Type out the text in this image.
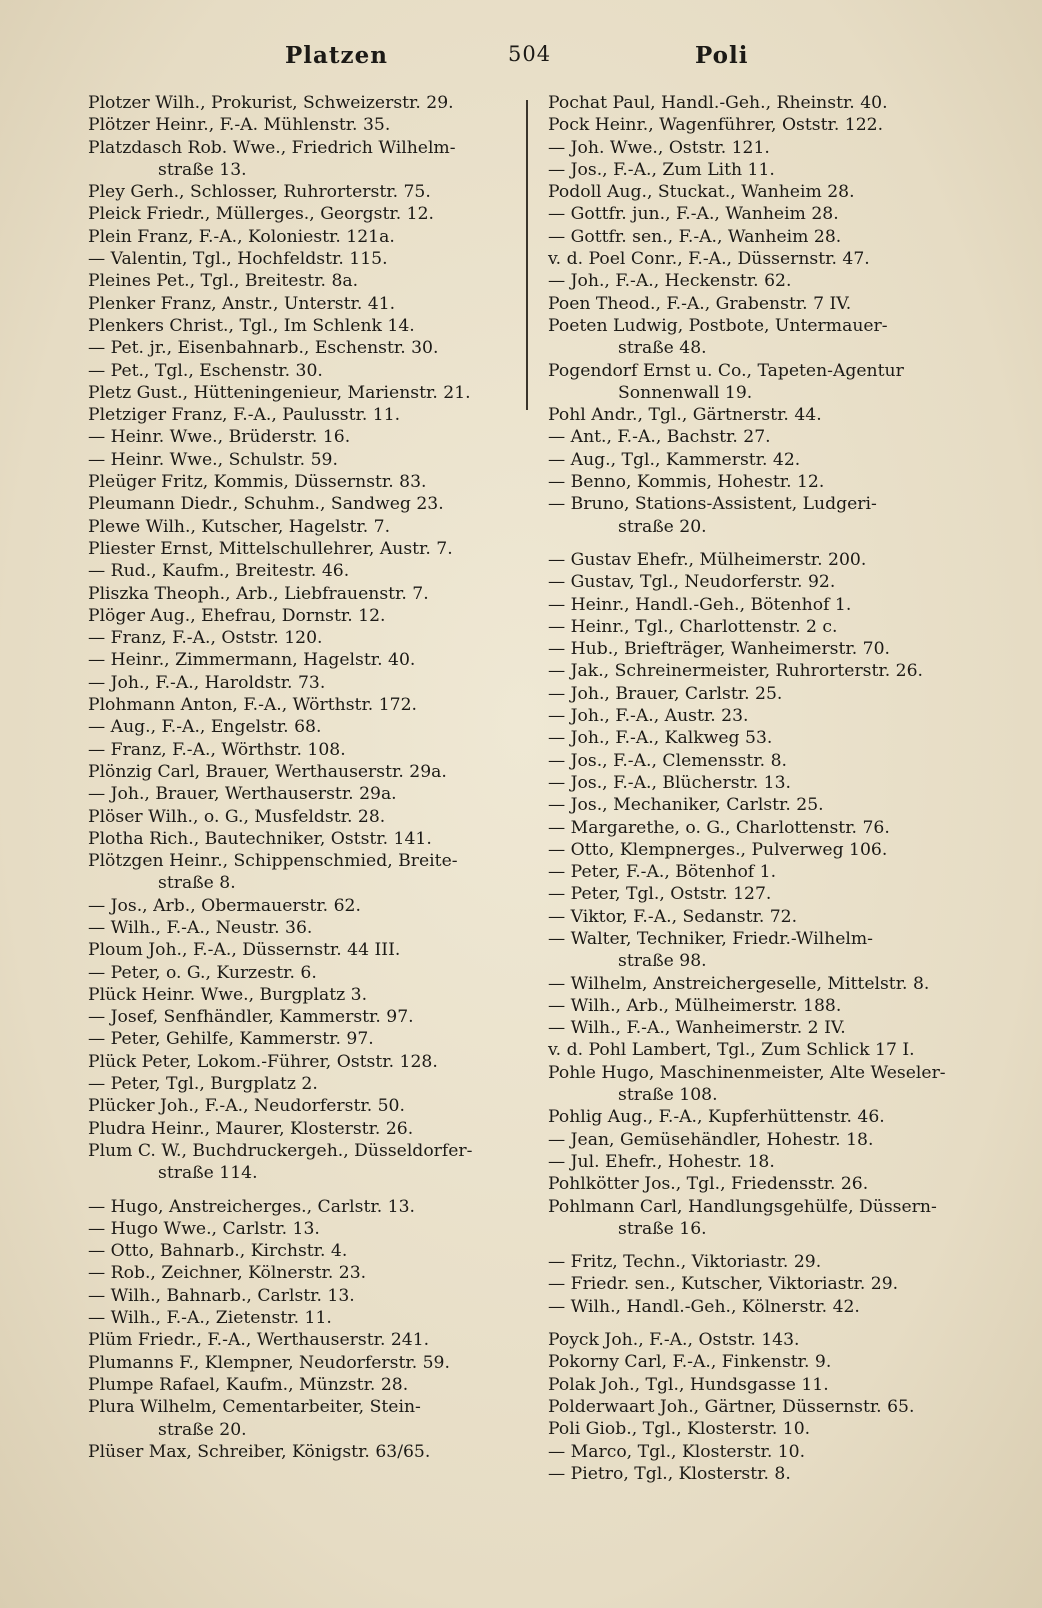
Platzen	504	Poli
Plotzer Wilh., Prokurist, Schweizerstr. 29.
Plötzer Heinr., F.-A. Mühlenstr. 35.
Platzdasch Rob. Wwe., Friedrich Wilhelm-
straße 13.
Pley Gerh., Schlosser, Ruhrorterstr. 75.
Pleick Friedr., Müllerges., Georgstr. 12.
Plein Franz, F.-A., Koloniestr. 121a.
— Valentin, Tgl., Hochfeldstr. 115.
Pleines Pet., Tgl., Breitestr. 8a.
Plenker Franz, Anstr., Unterstr. 41.
Plenkers Christ., Tgl., Im Schlenk 14.
— Pet. jr., Eisenbahnarb., Eschenstr. 30.
— Pet., Tgl., Eschenstr. 30.
Pletz Gust., Hütteningenieur, Marienstr. 21.
Pletziger Franz, F.-A., Paulusstr. 11.
— Heinr. Wwe., Brüderstr. 16.
— Heinr. Wwe., Schulstr. 59.
Pleüger Fritz, Kommis, Düssernstr. 83.
Pleumann Diedr., Schuhm., Sandweg 23.
Plewe Wilh., Kutscher, Hagelstr. 7.
Pliester Ernst, Mittelschullehrer, Austr. 7.
— Rud., Kaufm., Breitestr. 46.
Pliszka Theoph., Arb., Liebfrauenstr. 7.
Plöger Aug., Ehefrau, Dornstr. 12.
— Franz, F.-A., Oststr. 120.
— Heinr., Zimmermann, Hagelstr. 40.
— Joh., F.-A., Haroldstr. 73.
Plohmann Anton, F.-A., Wörthstr. 172.
— Aug., F.-A., Engelstr. 68.
— Franz, F.-A., Wörthstr. 108.
Plönzig Carl, Brauer, Werthauserstr. 29a.
— Joh., Brauer, Werthauserstr. 29a.
Plöser Wilh., o. G., Musfeldstr. 28.
Plotha Rich., Bautechniker, Oststr. 141.
Plötzgen Heinr., Schippenschmied, Breite-
straße 8.
— Jos., Arb., Obermauerstr. 62.
— Wilh., F.-A., Neustr. 36.
Ploum Joh., F.-A., Düssernstr. 44 III.
— Peter, o. G., Kurzestr. 6.
Plück Heinr. Wwe., Burgplatz 3.
— Josef, Senfhändler, Kammerstr. 97.
— Peter, Gehilfe, Kammerstr. 97.
Plück Peter, Lokom.-Führer, Oststr. 128.
— Peter, Tgl., Burgplatz 2.
Plücker Joh., F.-A., Neudorferstr. 50.
Pludra Heinr., Maurer, Klosterstr. 26.
Plum C. W., Buchdruckergeh., Düsseldorfer-
straße 114.
— Hugo, Anstreicherges., Carlstr. 13.
— Hugo Wwe., Carlstr. 13.
— Otto, Bahnarb., Kirchstr. 4.
— Rob., Zeichner, Kölnerstr. 23.
— Wilh., Bahnarb., Carlstr. 13.
— Wilh., F.-A., Zietenstr. 11.
Plüm Friedr., F.-A., Werthauserstr. 241.
Plumanns F., Klempner, Neudorferstr. 59.
Plumpe Rafael, Kaufm., Münzstr. 28.
Plura Wilhelm, Cementarbeiter, Stein-
straße 20.
Plüser Max, Schreiber, Königstr. 63/65.
Pochat Paul, Handl.-Geh., Rheinstr. 40.
Pock Heinr., Wagenführer, Oststr. 122.
— Joh. Wwe., Oststr. 121.
— Jos., F.-A., Zum Lith 11.
Podoll Aug., Stuckat., Wanheim 28.
— Gottfr. jun., F.-A., Wanheim 28.
— Gottfr. sen., F.-A., Wanheim 28.
v. d. Poel Conr., F.-A., Düssernstr. 47.
— Joh., F.-A., Heckenstr. 62.
Poen Theod., F.-A., Grabenstr. 7 IV.
Poeten Ludwig, Postbote, Untermauer-
straße 48.
Pogendorf Ernst u. Co., Tapeten-Agentur
Sonnenwall 19.
Pohl Andr., Tgl., Gärtnerstr. 44.
— Ant., F.-A., Bachstr. 27.
— Aug., Tgl., Kammerstr. 42.
— Benno, Kommis, Hohestr. 12.
— Bruno, Stations-Assistent, Ludgeri-
straße 20.
— Gustav Ehefr., Mülheimerstr. 200.
— Gustav, Tgl., Neudorferstr. 92.
— Heinr., Handl.-Geh., Bötenhof 1.
— Heinr., Tgl., Charlottenstr. 2 c.
— Hub., Briefträger, Wanheimerstr. 70.
— Jak., Schreinermeister, Ruhrorterstr. 26.
— Joh., Brauer, Carlstr. 25.
— Joh., F.-A., Austr. 23.
— Joh., F.-A., Kalkweg 53.
— Jos., F.-A., Clemensstr. 8.
— Jos., F.-A., Blücherstr. 13.
— Jos., Mechaniker, Carlstr. 25.
— Margarethe, o. G., Charlottenstr. 76.
— Otto, Klempnerges., Pulverweg 106.
— Peter, F.-A., Bötenhof 1.
— Peter, Tgl., Oststr. 127.
— Viktor, F.-A., Sedanstr. 72.
— Walter, Techniker, Friedr.-Wilhelm-
straße 98.
— Wilhelm, Anstreichergeselle, Mittelstr. 8.
— Wilh., Arb., Mülheimerstr. 188.
— Wilh., F.-A., Wanheimerstr. 2 IV.
v. d. Pohl Lambert, Tgl., Zum Schlick 17 I.
Pohle Hugo, Maschinenmeister, Alte Weseler-
straße 108.
Pohlig Aug., F.-A., Kupferhüttenstr. 46.
— Jean, Gemüsehändler, Hohestr. 18.
— Jul. Ehefr., Hohestr. 18.
Pohlkötter Jos., Tgl., Friedensstr. 26.
Pohlmann Carl, Handlungsgehülfe, Düssern-
straße 16.
— Fritz, Techn., Viktoriastr. 29.
— Friedr. sen., Kutscher, Viktoriastr. 29.
— Wilh., Handl.-Geh., Kölnerstr. 42.
Poyck Joh., F.-A., Oststr. 143.
Pokorny Carl, F.-A., Finkenstr. 9.
Polak Joh., Tgl., Hundsgasse 11.
Polderwaart Joh., Gärtner, Düssernstr. 65.
Poli Giob., Tgl., Klosterstr. 10.
— Marco, Tgl., Klosterstr. 10.
— Pietro, Tgl., Klosterstr. 8.
